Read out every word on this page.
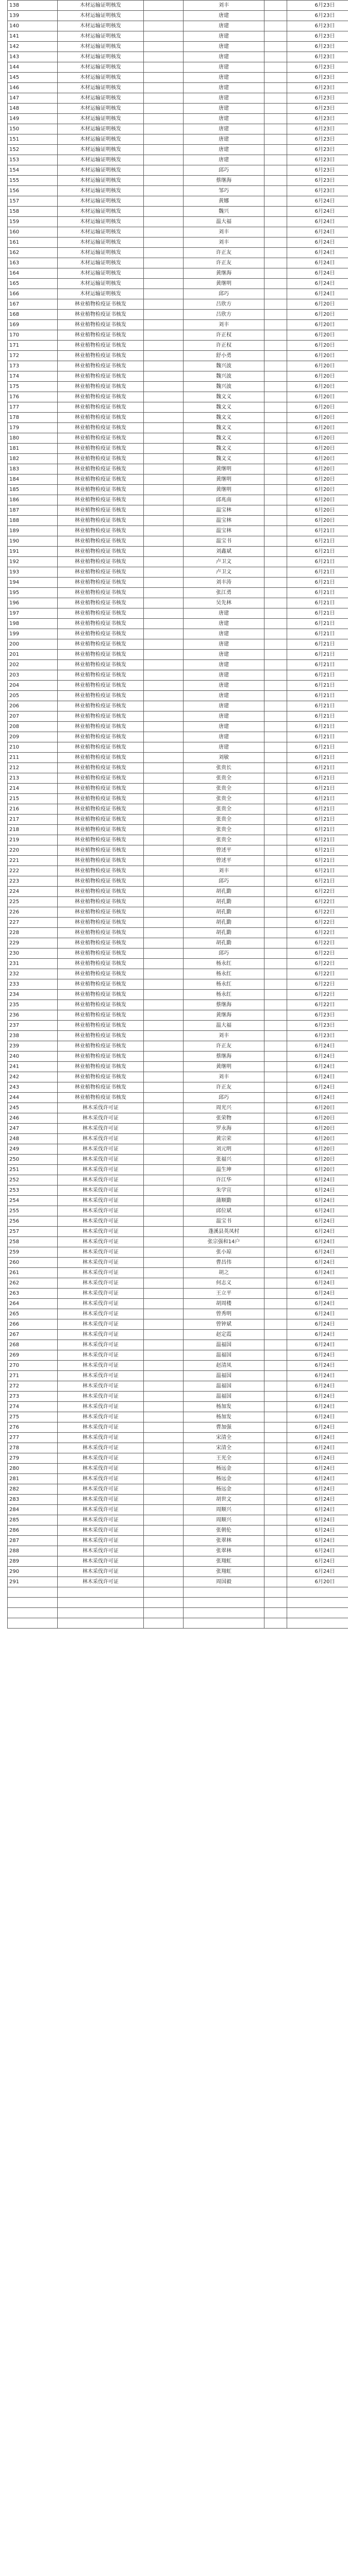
138	木材运输证明核发		刘丰		6月23日
139	木材运输证明核发		唐建		6月23日
140	木材运输证明核发		唐建		6月23日
141	木材运输证明核发		唐建		6月23日
142	木材运输证明核发		唐建		6月23日
143	木材运输证明核发		唐建		6月23日
144	木材运输证明核发		唐建		6月23日
145	木材运输证明核发		唐建		6月23日
146	木材运输证明核发		唐建		6月23日
147	木材运输证明核发		唐建		6月23日
148	木材运输证明核发		唐建		6月23日
149	木材运输证明核发		唐建		6月23日
150	木材运输证明核发		唐建		6月23日
151	木材运输证明核发		唐建		6月23日
152	木材运输证明核发		唐建		6月23日
153	木材运输证明核发		唐建		6月23日
154	木材运输证明核发		邱巧		6月23日
155	木材运输证明核发		蔡继海		6月23日
156	木材运输证明核发		邹巧		6月23日
157	木材运输证明核发		黄娜		6月24日
158	木材运输证明核发		魏兴		6月24日
159	木材运输证明核发		温大福		6月24日
160	木材运输证明核发		刘丰		6月24日
161	木材运输证明核发		刘丰		6月24日
162	木材运输证明核发		许正友		6月24日
163	木材运输证明核发		许正友		6月24日
164	木材运输证明核发		黄继海		6月24日
165	木材运输证明核发		黄继明		6月24日
166	木材运输证明核发		邱巧		6月24日
167	林业植物检疫证书核发		吕欣方		6月20日
168	林业植物检疫证书核发		吕欣方		6月20日
169	林业植物检疫证书核发		刘丰		6月20日
170	林业植物检疫证书核发		许正权		6月20日
171	林业植物检疫证书核发		许正权		6月20日
172	林业植物检疫证书核发		舒小勇		6月20日
173	林业植物检疫证书核发		魏兴波		6月20日
174	林业植物检疫证书核发		魏兴波		6月20日
175	林业植物检疫证书核发		魏兴波		6月20日
176	林业植物检疫证书核发		魏文义		6月20日
177	林业植物检疫证书核发		魏文义		6月20日
178	林业植物检疫证书核发		魏文义		6月20日
179	林业植物检疫证书核发		魏文义		6月20日
180	林业植物检疫证书核发		魏文义		6月20日
181	林业植物检疫证书核发		魏文义		6月20日
182	林业植物检疫证书核发		魏文义		6月20日
183	林业植物检疫证书核发		黄继明		6月20日
184	林业植物检疫证书核发		黄继明		6月20日
185	林业植物检疫证书核发		黄继明		6月20日
186	林业植物检疫证书核发		邱兆南		6月20日
187	林业植物检疫证书核发		温宝林		6月20日
188	林业植物检疫证书核发		温宝林		6月20日
189	林业植物检疫证书核发		温宝林		6月21日
190	林业植物检疫证书核发		温宝书		6月21日
191	林业植物检疫证书核发		刘鑫斌		6月21日
192	林业植物检疫证书核发		卢卫文		6月21日
193	林业植物检疫证书核发		卢卫文		6月21日
194	林业植物检疫证书核发		刘丰涛		6月21日
195	林业植物检疫证书核发		张江勇		6月21日
196	林业植物检疫证书核发		吴先林		6月21日
197	林业植物检疫证书核发		唐建		6月21日
198	林业植物检疫证书核发		唐建		6月21日
199	林业植物检疫证书核发		唐建		6月21日
200	林业植物检疫证书核发		唐建		6月21日
201	林业植物检疫证书核发		唐建		6月21日
202	林业植物检疫证书核发		唐建		6月21日
203	林业植物检疫证书核发		唐建		6月21日
204	林业植物检疫证书核发		唐建		6月21日
205	林业植物检疫证书核发		唐建		6月21日
206	林业植物检疫证书核发		唐建		6月21日
207	林业植物检疫证书核发		唐建		6月21日
208	林业植物检疫证书核发		唐建		6月21日
209	林业植物检疫证书核发		唐建		6月21日
210	林业植物检疫证书核发		唐建		6月21日
211	林业植物检疫证书核发		刘敏		6月21日
212	林业植物检疫证书核发		张贵长		6月21日
213	林业植物检疫证书核发		张贵全		6月21日
214	林业植物检疫证书核发		张贵全		6月21日
215	林业植物检疫证书核发		张贵全		6月21日
216	林业植物检疫证书核发		张贵全		6月21日
217	林业植物检疫证书核发		张贵全		6月21日
218	林业植物检疫证书核发		张贵全		6月21日
219	林业植物检疫证书核发		张贵全		6月21日
220	林业植物检疫证书核发		曾述平		6月21日
221	林业植物检疫证书核发		曾述平		6月21日
222	林业植物检疫证书核发		刘丰		6月21日
223	林业植物检疫证书核发		邱巧		6月21日
224	林业植物检疫证书核发		胡孔勤		6月22日
225	林业植物检疫证书核发		胡孔勤		6月22日
226	林业植物检疫证书核发		胡孔勤		6月22日
227	林业植物检疫证书核发		胡孔勤		6月22日
228	林业植物检疫证书核发		胡孔勤		6月22日
229	林业植物检疫证书核发		胡孔勤		6月22日
230	林业植物检疫证书核发		邱巧		6月22日
231	林业植物检疫证书核发		杨永红		6月22日
232	林业植物检疫证书核发		杨永红		6月22日
233	林业植物检疫证书核发		杨永红		6月22日
234	林业植物检疫证书核发		杨永红		6月22日
235	林业植物检疫证书核发		蔡继海		6月22日
236	林业植物检疫证书核发		黄继海		6月23日
237	林业植物检疫证书核发		温大福		6月23日
238	林业植物检疫证书核发		刘丰		6月23日
239	林业植物检疫证书核发		许正友		6月24日
240	林业植物检疫证书核发		蔡继海		6月24日
241	林业植物检疫证书核发		黄继明		6月24日
242	林业植物检疫证书核发		刘丰		6月24日
243	林业植物检疫证书核发		许正友		6月24日
244	林业植物检疫证书核发		邱巧		6月24日
245	林木采伐许可证		周光兴		6月20日
246	林木采伐许可证		张荣物		6月20日
247	林木采伐许可证		罗永海		6月20日
248	林木采伐许可证		黄宗荣		6月20日
249	林木采伐许可证		刘元明		6月20日
250	林木采伐许可证		张福兴		6月20日
251	林木采伐许可证		温生坤		6月20日
252	林木采伐许可证		许江华		6月24日
253	林木采伐许可证		朱学宣		6月24日
254	林木采伐许可证		蒲顺勤		6月24日
255	林木采伐许可证		邱位斌		6月24日
256	林木采伐许可证		温宝书		6月24日
257	林木采伐许可证		蓬溪县英凤村		6月24日
258	林木采伐许可证		张宗强和14户		6月24日
259	林木采伐许可证		张小琼		6月24日
260	林木采伐许可证		曹昌伟		6月24日
261	林木采伐许可证		胡之		6月24日
262	林木采伐许可证		何志义		6月24日
263	林木采伐许可证		王立平		6月24日
264	林木采伐许可证		胡周楼		6月24日
265	林木采伐许可证		曾秀明		6月24日
266	林木采伐许可证		曾钟斌		6月24日
267	林木采伐许可证		赵定霞		6月24日
268	林木采伐许可证		温福国		6月24日
269	林木采伐许可证		温福国		6月24日
270	林木采伐许可证		赵清凤		6月24日
271	林木采伐许可证		温福国		6月24日
272	林木采伐许可证		温福国		6月24日
273	林木采伐许可证		温福国		6月24日
274	林木采伐许可证		杨加发		6月24日
275	林木采伐许可证		杨加发		6月24日
276	林木采伐许可证		曹加强		6月24日
277	林木采伐许可证		宋清全		6月24日
278	林木采伐许可证		宋清全		6月24日
279	林木采伐许可证		王光全		6月24日
280	林木采伐许可证		杨远金		6月24日
281	林木采伐许可证		杨远金		6月24日
282	林木采伐许可证		杨远金		6月24日
283	林木采伐许可证		胡世文		6月24日
284	林木采伐许可证		周顺兴		6月24日
285	林木采伐许可证		周顺兴		6月24日
286	林木采伐许可证		张朝伦		6月24日
287	林木采伐许可证		张翠林		6月24日
288	林木采伐许可证		张翠林		6月24日
289	林木采伐许可证		张翔虹		6月24日
290	林木采伐许可证		张翔虹		6月24日
291	林木采伐许可证		周国毅		6月20日
